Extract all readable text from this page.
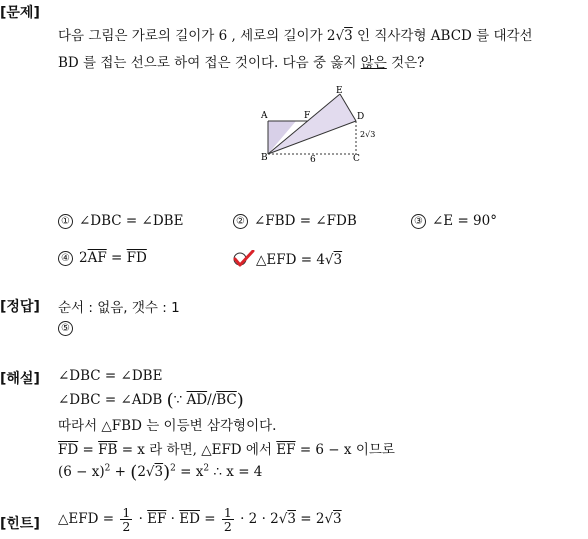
[문제]
[정답]
[해설]
[힌트]
다음 그림은 가로의 길이가 6 , 세로의 길이가 2√3 인 직사각형 ABCD 를 대각선
BD 를 접는 선으로 하여 접은 것이다. 다음 중 옳지 않은 것은?
A
B	C
D
E
F
6
2√3
① ∠DBC = ∠DBE	② ∠FBD = ∠FDB	③ ∠E = 90°
④ $2\overline{AF} = \overline{FD}$	△EFD = 4√3
순서 : 없음, 갯수 : 1
⑤
∠DBC = ∠DBE
∠DBC = ∠ADB (∵ $\overline{AD}//\overline{BC}$)
따라서 △FBD 는 이등변 삼각형이다.
$\overline{FD} = \overline{FB} = x$ 라 하면, △EFD 에서 $\overline{EF} = 6 - x$ 이므로
$(6 - x)^2 + (2√3)^2 = x^2$ ∴ x = 4
△EFD = $\frac{1}{2} \cdot \overline{EF} \cdot \overline{ED} = \frac{1}{2} \cdot 2 \cdot 2√3 = 2√3$
